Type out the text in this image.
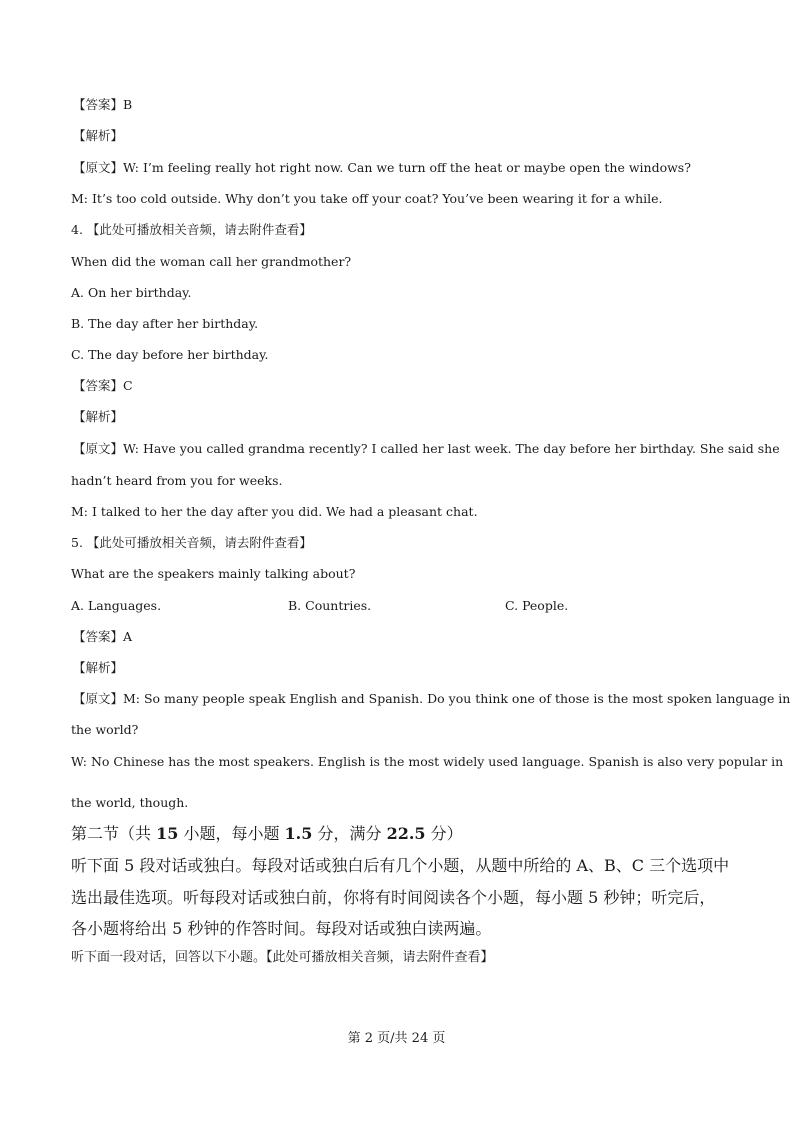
【答案】B
【解析】
【原文】W: I’m feeling really hot right now. Can we turn off the heat or maybe open the windows?
M: It’s too cold outside. Why don’t you take off your coat? You’ve been wearing it for a while.
4. 【此处可播放相关音频，请去附件查看】
When did the woman call her grandmother?
A. On her birthday.
B. The day after her birthday.
C. The day before her birthday.
【答案】C
【解析】
【原文】W: Have you called grandma recently? I called her last week. The day before her birthday. She said she
hadn’t heard from you for weeks.
M: I talked to her the day after you did. We had a pleasant chat.
5. 【此处可播放相关音频，请去附件查看】
What are the speakers mainly talking about?
A. Languages.	B. Countries.	C. People.
【答案】A
【解析】
【原文】M: So many people speak English and Spanish. Do you think one of those is the most spoken language in
the world?
W: No Chinese has the most speakers. English is the most widely used language. Spanish is also very popular in
the world, though.
第二节（共 15 小题，每小题 1.5 分，满分 22.5 分）
听下面 5 段对话或独白。每段对话或独白后有几个小题，从题中所给的 A、B、C 三个选项中
选出最佳选项。听每段对话或独白前，你将有时间阅读各个小题，每小题 5 秒钟；听完后，
各小题将给出 5 秒钟的作答时间。每段对话或独白读两遍。
听下面一段对话，回答以下小题。【此处可播放相关音频，请去附件查看】
第 2 页/共 24 页
